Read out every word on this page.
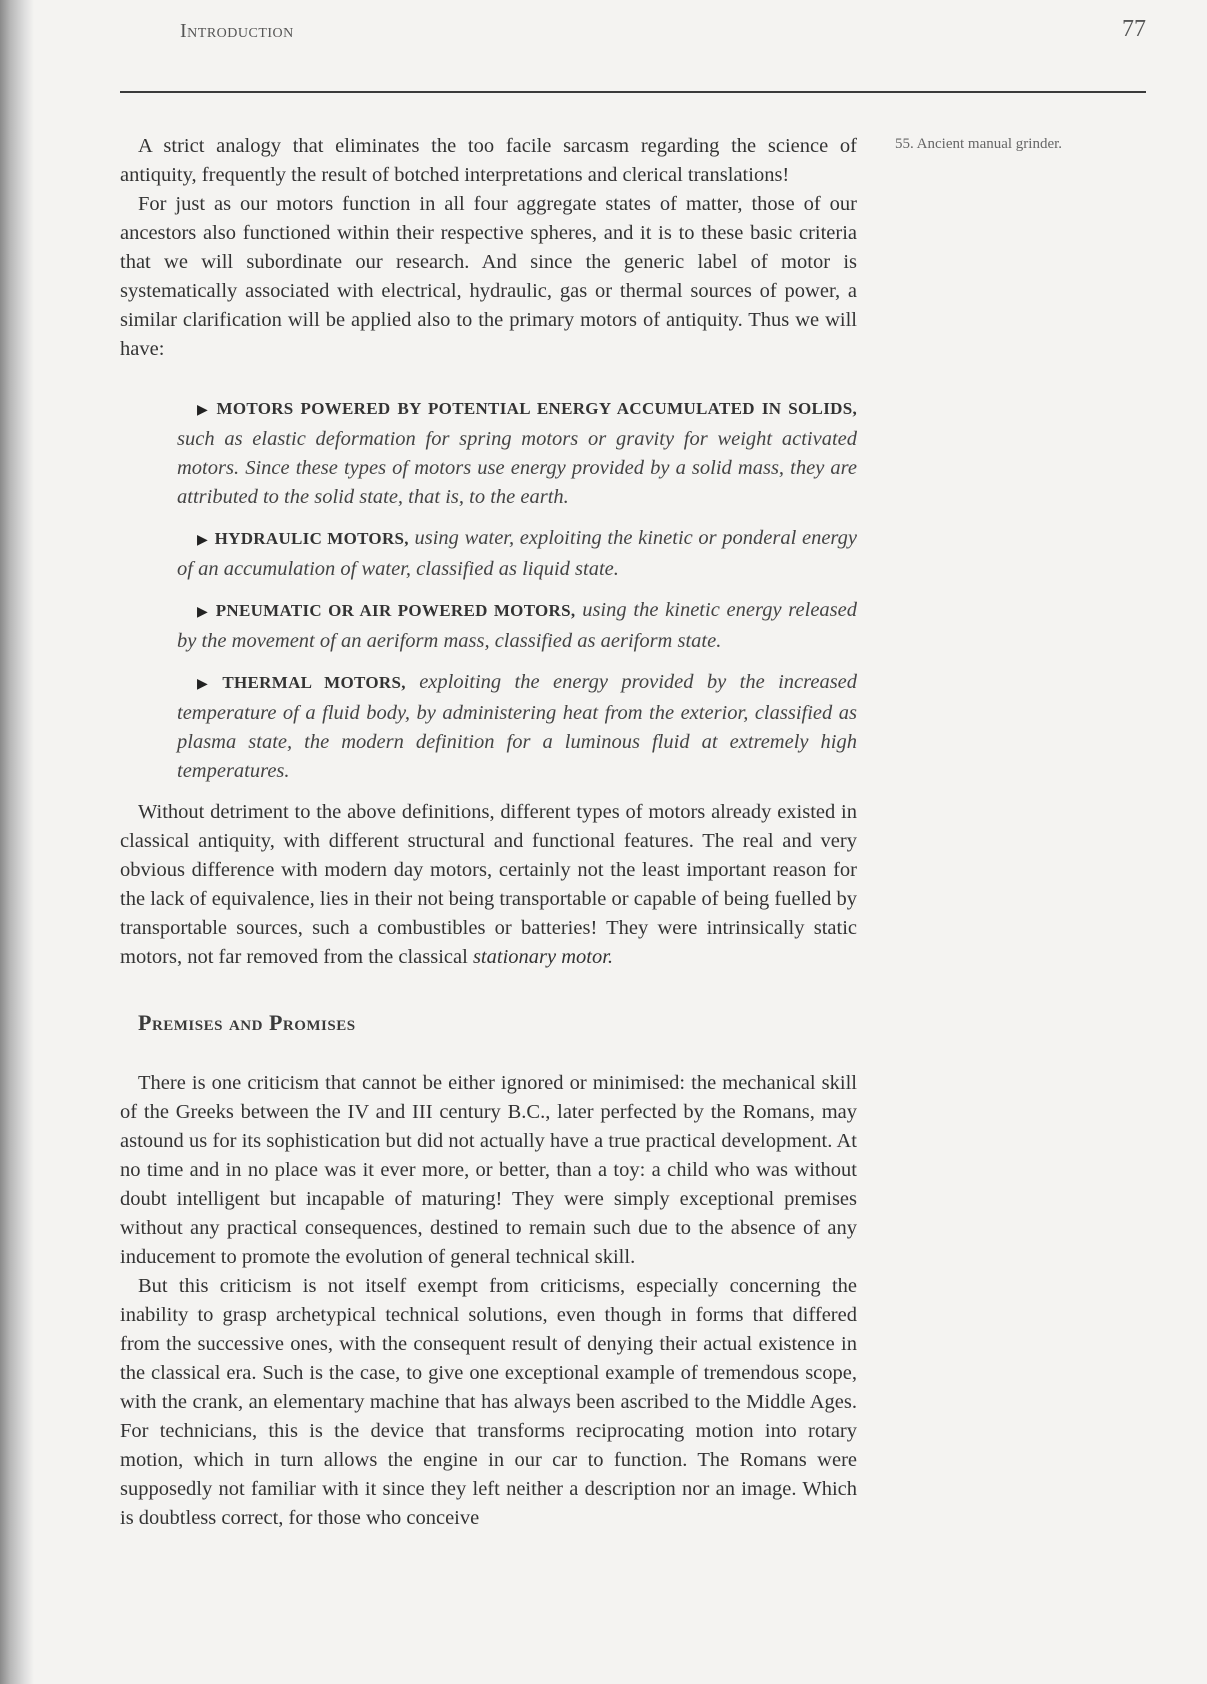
Introduction	77
55. Ancient manual grinder.

A strict analogy that eliminates the too facile sarcasm regarding the science of antiquity, frequently the result of botched interpretations and clerical translations!

For just as our motors function in all four aggregate states of matter, those of our ancestors also functioned within their respective spheres, and it is to these basic criteria that we will subordinate our research. And since the generic label of motor is systematically associated with electrical, hydraulic, gas or thermal sources of power, a similar clarification will be applied also to the primary motors of antiquity. Thus we will have:

▶ MOTORS POWERED BY POTENTIAL ENERGY ACCUMULATED IN SOLIDS, such as elastic deformation for spring motors or gravity for weight activated motors. Since these types of motors use energy provided by a solid mass, they are attributed to the solid state, that is, to the earth.
▶ HYDRAULIC MOTORS, using water, exploiting the kinetic or ponderal energy of an accumulation of water, classified as liquid state.
▶ PNEUMATIC OR AIR POWERED MOTORS, using the kinetic energy released by the movement of an aeriform mass, classified as aeriform state.
▶ THERMAL MOTORS, exploiting the energy provided by the increased temperature of a fluid body, by administering heat from the exterior, classified as plasma state, the modern definition for a luminous fluid at extremely high temperatures.

Without detriment to the above definitions, different types of motors already existed in classical antiquity, with different structural and functional features. The real and very obvious difference with modern day motors, certainly not the least important reason for the lack of equivalence, lies in their not being transportable or capable of being fuelled by transportable sources, such a combustibles or batteries! They were intrinsically static motors, not far removed from the classical stationary motor.

Premises and Promises

There is one criticism that cannot be either ignored or minimised: the mechanical skill of the Greeks between the IV and III century B.C., later perfected by the Romans, may astound us for its sophistication but did not actually have a true practical development. At no time and in no place was it ever more, or better, than a toy: a child who was without doubt intelligent but incapable of maturing! They were simply exceptional premises without any practical consequences, destined to remain such due to the absence of any inducement to promote the evolution of general technical skill.

But this criticism is not itself exempt from criticisms, especially concerning the inability to grasp archetypical technical solutions, even though in forms that differed from the successive ones, with the consequent result of denying their actual existence in the classical era. Such is the case, to give one exceptional example of tremendous scope, with the crank, an elementary machine that has always been ascribed to the Middle Ages. For technicians, this is the device that transforms reciprocating motion into rotary motion, which in turn allows the engine in our car to function. The Romans were supposedly not familiar with it since they left neither a description nor an image. Which is doubtless correct, for those who conceive
